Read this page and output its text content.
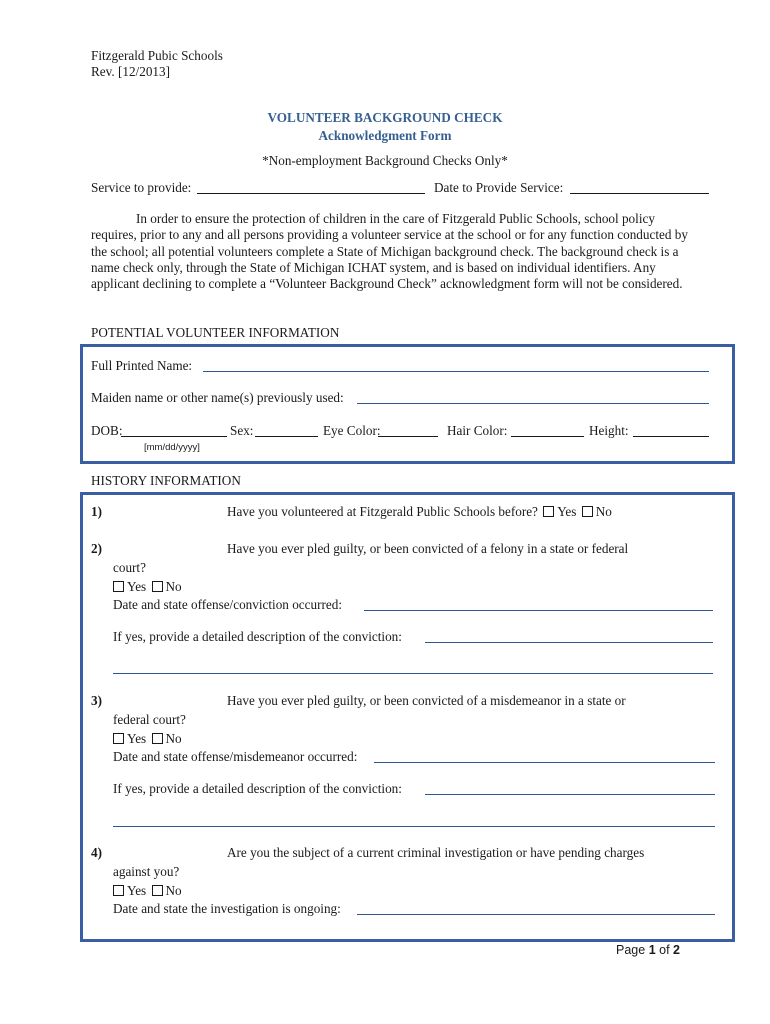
Fitzgerald Pubic Schools
Rev. [12/2013]
VOLUNTEER BACKGROUND CHECK
Acknowledgment Form
*Non-employment Background Checks Only*
Service to provide:	Date to Provide Service:
In order to ensure the protection of children in the care of Fitzgerald Public Schools, school policy requires, prior to any and all persons providing a volunteer service at the school or for any function conducted by the school; all potential volunteers complete a State of Michigan background check. The background check is a name check only, through the State of Michigan ICHAT system, and is based on individual identifiers. Any applicant declining to complete a “Volunteer Background Check” acknowledgment form will not be considered.
POTENTIAL VOLUNTEER INFORMATION
Full Printed Name:
Maiden name or other name(s) previously used:
DOB:
[mm/dd/yyyy]
Sex:	Eye Color:	Hair Color:	Height:
HISTORY INFORMATION
1)	Have you volunteered at Fitzgerald Public Schools before? Yes No
2)	Have you ever pled guilty, or been convicted of a felony in a state or federal
court?
Yes No
Date and state offense/conviction occurred:
If yes, provide a detailed description of the conviction:
3)	Have you ever pled guilty, or been convicted of a misdemeanor in a state or
federal court?
Yes No
Date and state offense/misdemeanor occurred:
If yes, provide a detailed description of the conviction:
4)	Are you the subject of a current criminal investigation or have pending charges
against you?
Yes No
Date and state the investigation is ongoing:
Page 1 of 2
